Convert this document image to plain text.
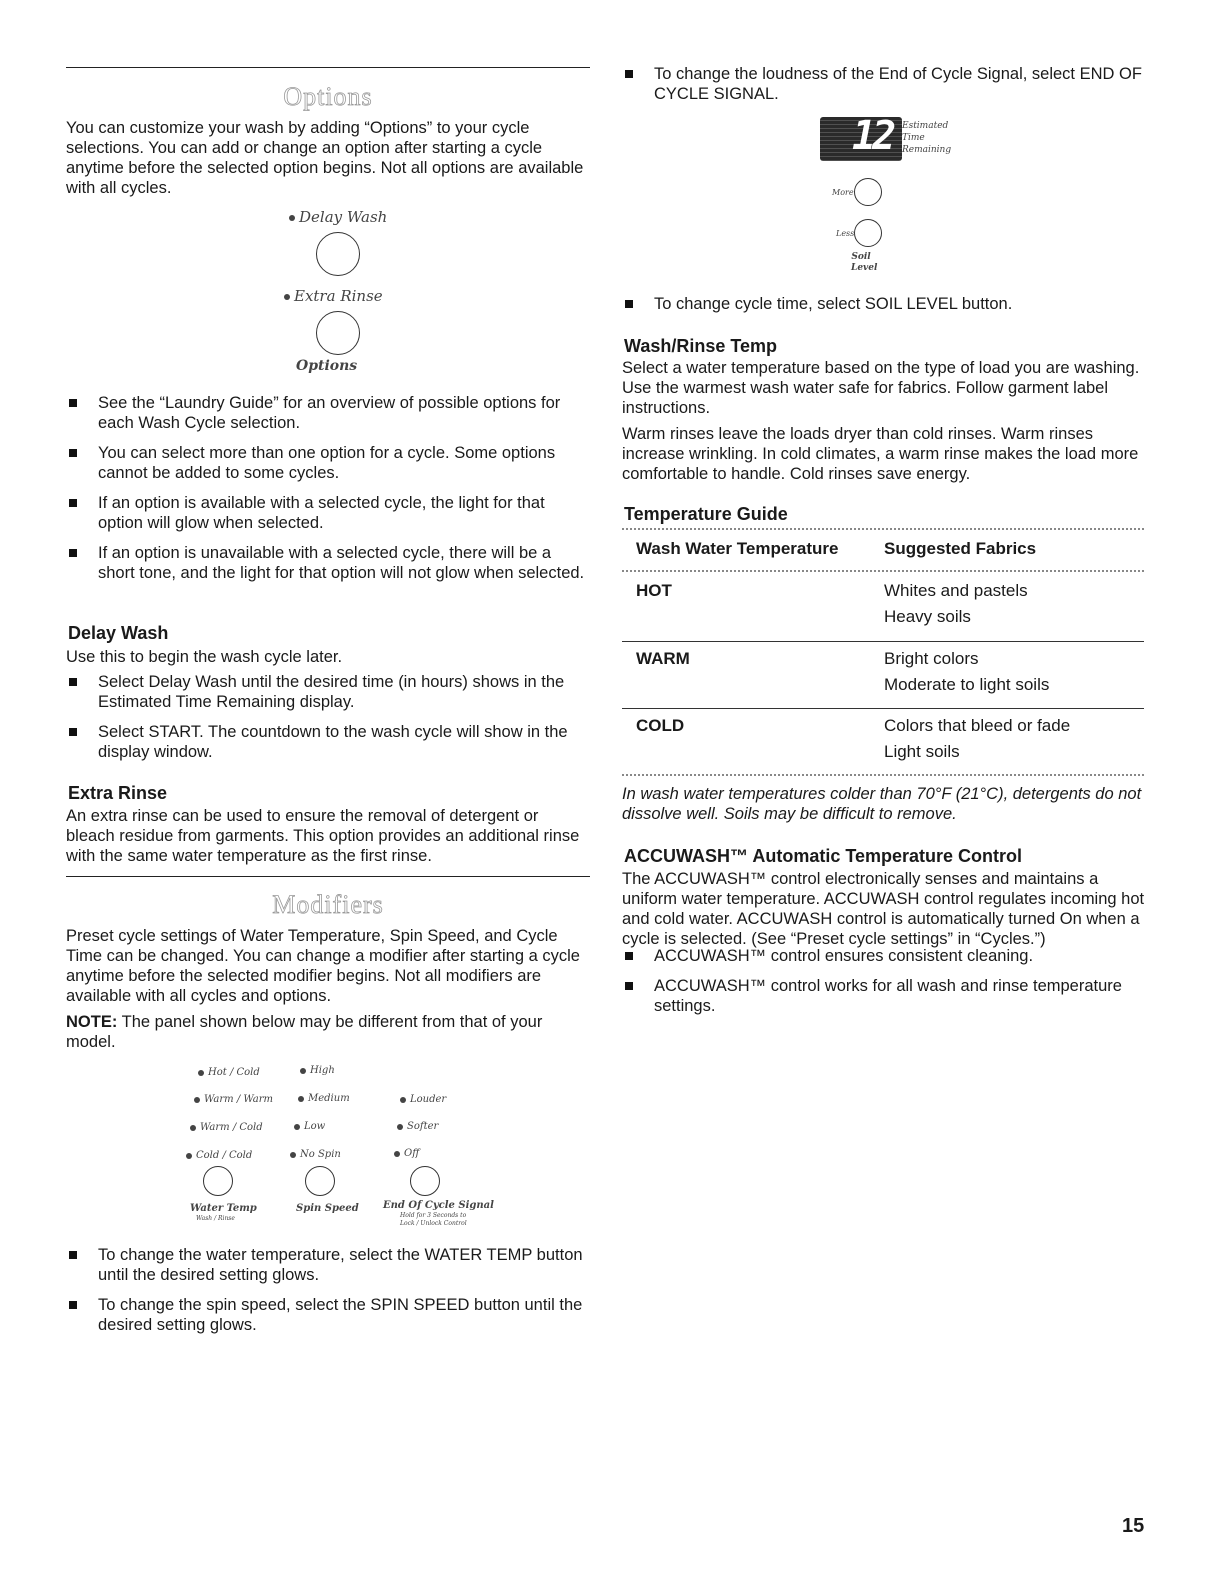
Options

You can customize your wash by adding “Options” to your cycle selections. You can add or change an option after starting a cycle anytime before the selected option begins. Not all options are available with all cycles.

Delay Wash
Extra Rinse
Options
See the “Laundry Guide” for an overview of possible options for each Wash Cycle selection.
You can select more than one option for a cycle. Some options cannot be added to some cycles.
If an option is available with a selected cycle, the light for that option will glow when selected.
If an option is unavailable with a selected cycle, there will be a short tone, and the light for that option will not glow when selected.
Delay Wash

Use this to begin the wash cycle later.

Select Delay Wash until the desired time (in hours) shows in the Estimated Time Remaining display.
Select START. The countdown to the wash cycle will show in the display window.
Extra Rinse

An extra rinse can be used to ensure the removal of detergent or bleach residue from garments. This option provides an additional rinse with the same water temperature as the first rinse.

Modifiers

Preset cycle settings of Water Temperature, Spin Speed, and Cycle Time can be changed. You can change a modifier after starting a cycle anytime before the selected modifier begins. Not all modifiers are available with all cycles and options.

NOTE: The panel shown below may be different from that of your model.

Hot / Cold
Warm / Warm
Warm / Cold
Cold / Cold
High
Medium
Low
No Spin
Louder
Softer
Off
Water Temp
Wash / Rinse
Spin Speed End Of Cycle Signal
Hold for 3 Seconds to
Lock / Unlock Control
To change the water temperature, select the WATER TEMP button until the desired setting glows.
To change the spin speed, select the SPIN SPEED button until the desired setting glows.
To change the loudness of the End of Cycle Signal, select END OF CYCLE SIGNAL.
12 Estimated
Time
Remaining
More
Less
Soil
Level
To change cycle time, select SOIL LEVEL button.
Wash/Rinse Temp

Select a water temperature based on the type of load you are washing. Use the warmest wash water safe for fabrics. Follow garment label instructions.

Warm rinses leave the loads dryer than cold rinses. Warm rinses increase wrinkling. In cold climates, a warm rinse makes the load more comfortable to handle. Cold rinses save energy.

Temperature Guide
Wash Water Temperature	Suggested Fabrics
HOT	Whites and pastels
Heavy soils
WARM	Bright colors
Moderate to light soils
COLD	Colors that bleed or fade
Light soils

In wash water temperatures colder than 70°F (21°C), detergents do not dissolve well. Soils may be difficult to remove.

ACCUWASH™ Automatic Temperature Control

The ACCUWASH™ control electronically senses and maintains a uniform water temperature. ACCUWASH control regulates incoming hot and cold water. ACCUWASH control is automatically turned On when a cycle is selected. (See “Preset cycle settings” in “Cycles.”)

ACCUWASH™ control ensures consistent cleaning.
ACCUWASH™ control works for all wash and rinse temperature settings.
15
